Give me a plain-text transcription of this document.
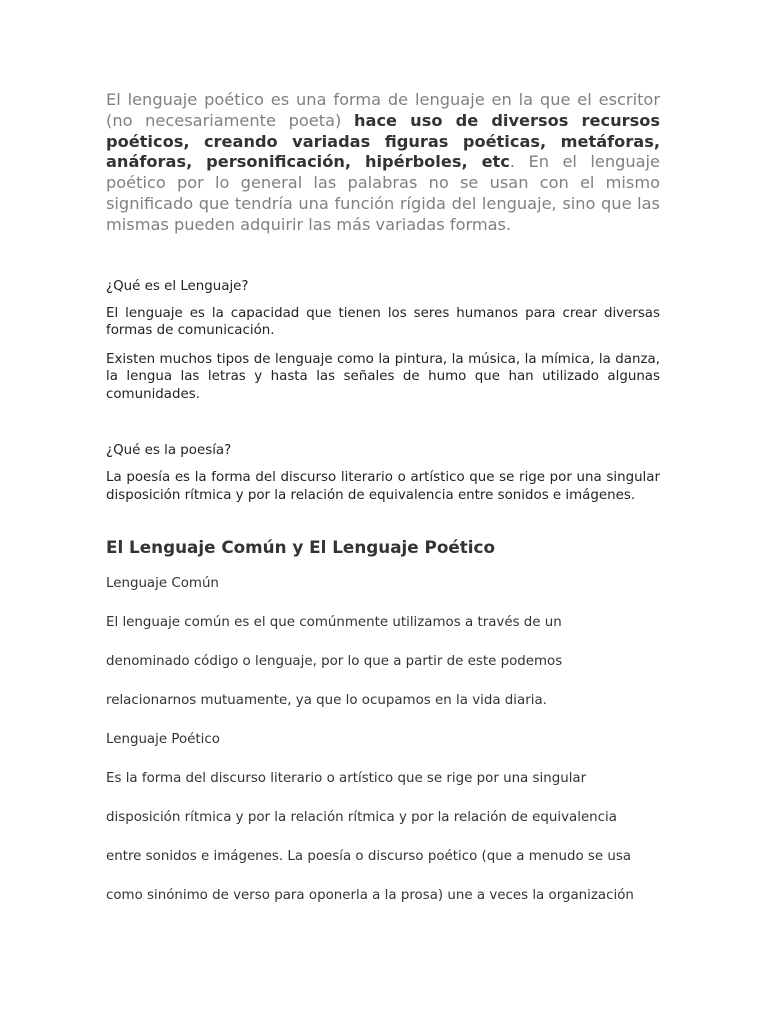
El lenguaje poético es una forma de lenguaje en la que el escritor (no necesariamente poeta) hace uso de diversos recursos poéticos, creando variadas figuras poéticas, metáforas, anáforas, personificación, hipérboles, etc. En el lenguaje poético por lo general las palabras no se usan con el mismo significado que tendría una función rígida del lenguaje, sino que las mismas pueden adquirir las más variadas formas.

¿Qué es el Lenguaje?

El lenguaje es la capacidad que tienen los seres humanos para crear diversas formas de comunicación.

Existen muchos tipos de lenguaje como la pintura, la música, la mímica, la danza, la lengua las letras y hasta las señales de humo que han utilizado algunas comunidades.

¿Qué es la poesía?

La poesía es la forma del discurso literario o artístico que se rige por una singular disposición rítmica y por la relación de equivalencia entre sonidos e imágenes.

El Lenguaje Común y El Lenguaje Poético

Lenguaje Común

El lenguaje común es el que comúnmente utilizamos a través de un

denominado código o lenguaje, por lo que a partir de este podemos

relacionarnos mutuamente, ya que lo ocupamos en la vida diaria.

Lenguaje Poético

Es la forma del discurso literario o artístico que se rige por una singular

disposición rítmica y por la relación rítmica y por la relación de equivalencia

entre sonidos e imágenes. La poesía o discurso poético (que a menudo se usa

como sinónimo de verso para oponerla a la prosa) une a veces la organización
